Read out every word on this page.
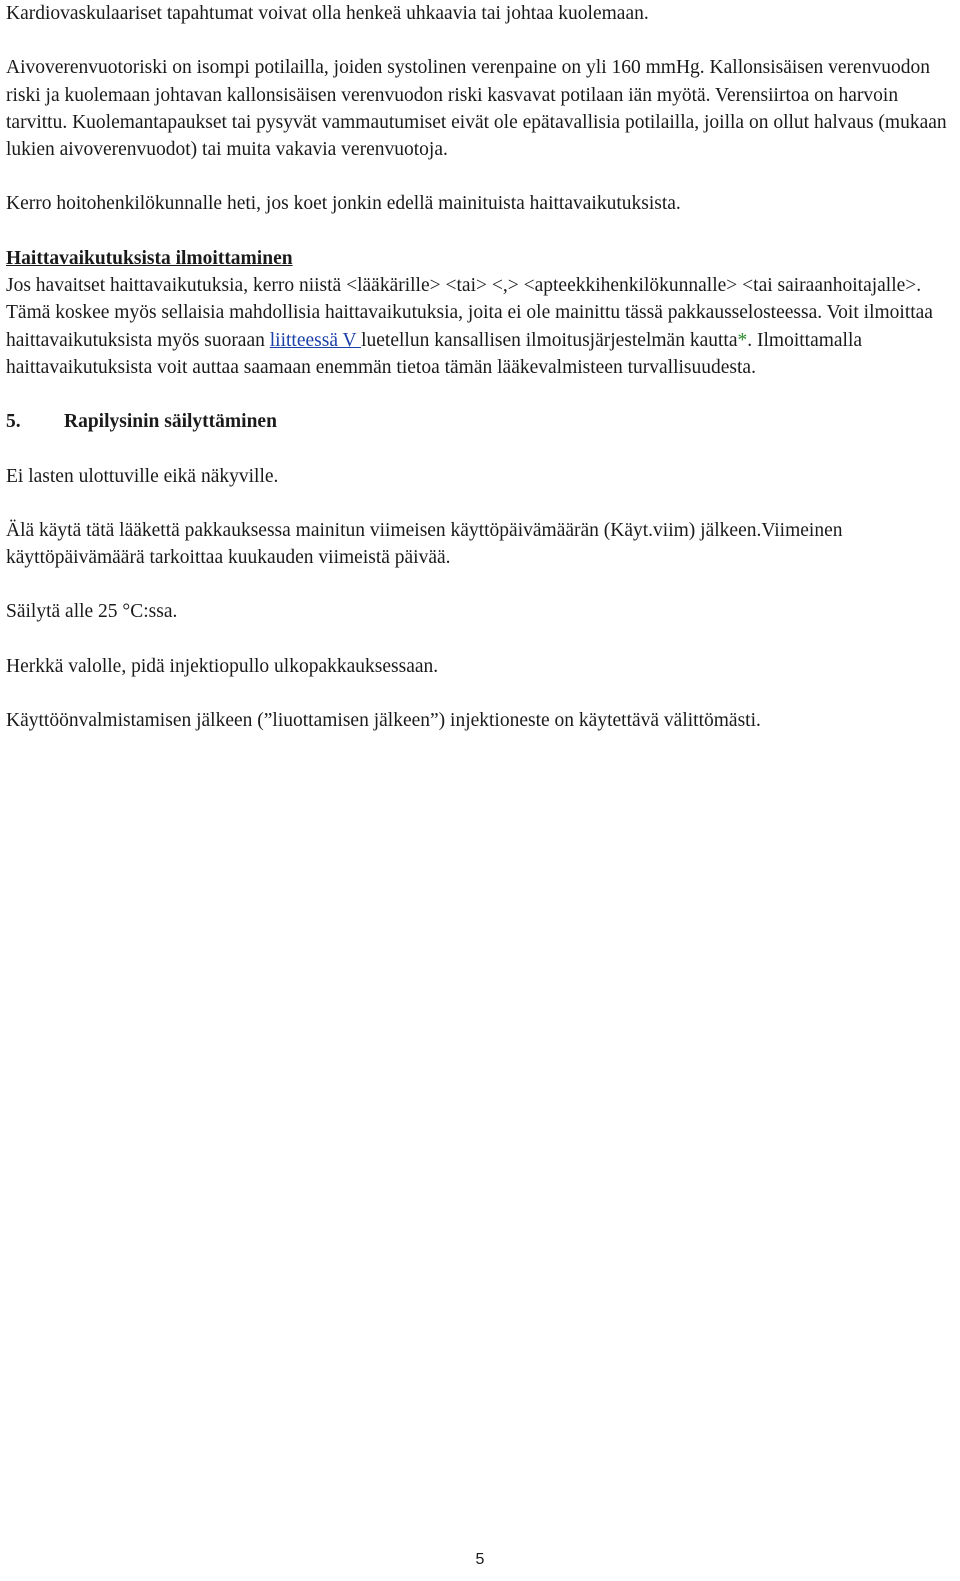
Kardiovaskulaariset tapahtumat voivat olla henkeä uhkaavia tai johtaa kuolemaan.

Aivoverenvuotoriski on isompi potilailla, joiden systolinen verenpaine on yli 160 mmHg. Kallonsisäisen verenvuodon riski ja kuolemaan johtavan kallonsisäisen verenvuodon riski kasvavat potilaan iän myötä. Verensiirtoa on harvoin tarvittu. Kuolemantapaukset tai pysyvät vammautumiset eivät ole epätavallisia potilailla, joilla on ollut halvaus (mukaan lukien aivoverenvuodot) tai muita vakavia verenvuotoja.

Kerro hoitohenkilökunnalle heti, jos koet jonkin edellä mainituista haittavaikutuksista.

Haittavaikutuksista ilmoittaminen

Jos havaitset haittavaikutuksia, kerro niistä <lääkärille> <tai> <,> <apteekkihenkilökunnalle> <tai sairaanhoitajalle>. Tämä koskee myös sellaisia mahdollisia haittavaikutuksia, joita ei ole mainittu tässä pakkausselosteessa. Voit ilmoittaa haittavaikutuksista myös suoraan liitteessä V luetellun kansallisen ilmoitusjärjestelmän kautta*. Ilmoittamalla haittavaikutuksista voit auttaa saamaan enemmän tietoa tämän lääkevalmisteen turvallisuudesta.

5.	Rapilysinin säilyttäminen

Ei lasten ulottuville eikä näkyville.

Älä käytä tätä lääkettä pakkauksessa mainitun viimeisen käyttöpäivämäärän (Käyt.viim) jälkeen.Viimeinen käyttöpäivämäärä tarkoittaa kuukauden viimeistä päivää.

Säilytä alle 25 °C:ssa.

Herkkä valolle, pidä injektiopullo ulkopakkauksessaan.

Käyttöönvalmistamisen jälkeen (”liuottamisen jälkeen”) injektioneste on käytettävä välittömästi.

5
